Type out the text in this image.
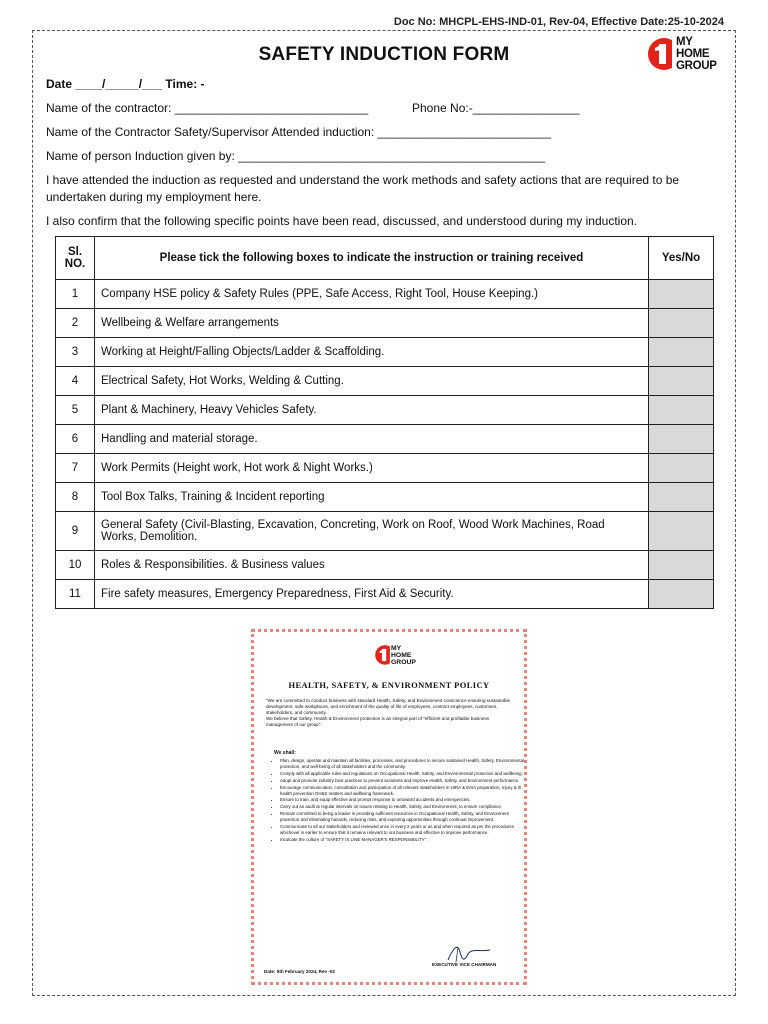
Doc No: MHCPL-EHS-IND-01, Rev-04, Effective Date:25-10-2024
SAFETY INDUCTION FORM
MY
HOME
GROUP
Date ____/_____/___ Time: -
Name of the contractor: _____________________________	Phone No:-________________
Name of the Contractor Safety/Supervisor Attended induction: __________________________
Name of person Induction given by: ______________________________________________
I have attended the induction as requested and understand the work methods and safety actions that are required to be undertaken during my employment here.
I also confirm that the following specific points have been read, discussed, and understood during my induction.
Sl. NO.	Please tick the following boxes to indicate the instruction or training received	Yes/No
1	Company HSE policy & Safety Rules (PPE, Safe Access, Right Tool, House Keeping.)	
2	Wellbeing & Welfare arrangements	
3	Working at Height/Falling Objects/Ladder & Scaffolding.	
4	Electrical Safety, Hot Works, Welding & Cutting.	
5	Plant & Machinery, Heavy Vehicles Safety.	
6	Handling and material storage.	
7	Work Permits (Height work, Hot work & Night Works.)	
8	Tool Box Talks, Training & Incident reporting	
9	General Safety (Civil-Blasting, Excavation, Concreting, Work on Roof, Wood Work Machines, Road Works, Demolition.	
10	Roles & Responsibilities. & Business values	
11	Fire safety measures, Emergency Preparedness, First Aid & Security.	
MY
HOME
GROUP
HEALTH, SAFETY, & ENVIRONMENT POLICY
"We are committed to conduct business with standard Health, Safety, and Environment conscience ensuring sustainable development, safe workplaces, and enrichment of the quality of life of employees, contract employees, customers, stakeholders, and community.
We believe that Safety, Health & Environment protection is an integral part of "efficient and profitable business management of our group".
We shall:
• Plan, design, operate and maintain all facilities, processes, and procedures to secure sustained Health, Safety, Environmental protection, and well-being of all stakeholders and the community.
• Comply with all applicable rules and regulations on Occupational Health, Safety, and Environmental protection and wellbeing.
• Adopt and promote industry best practices to prevent accidents and improve Health, Safety, and Environment performance.
• Encourage communication, consultation and participation of all relevant stakeholders in HIRA & EAIA preparation, Injury & Ill health prevention OH&S matters and wellbeing framework.
• Ensure to train, and equip effective and prompt response to untoward accidents and emergencies.
• Carry out an audit at regular intervals on issues relating to Health, Safety, and Environment, to ensure compliance.
• Remain committed to being a leader in providing sufficient resources in Occupational Health, Safety, and Environment protection and eliminating hazards, reducing risks, and exploring opportunities through continual improvement.
• Communicate to all our stakeholders and reviewed once in every 2 years or as and when required as per the procedures whichever is earlier to ensure that it remains relevant to our business and effective to improve performance.
• Inculcate the culture of "SAFETY IS LINE MANAGER'S RESPONSIBILITY".
EXECUTIVE VICE CHAIRMAN
Date: 5th February 2024, Rev -02
